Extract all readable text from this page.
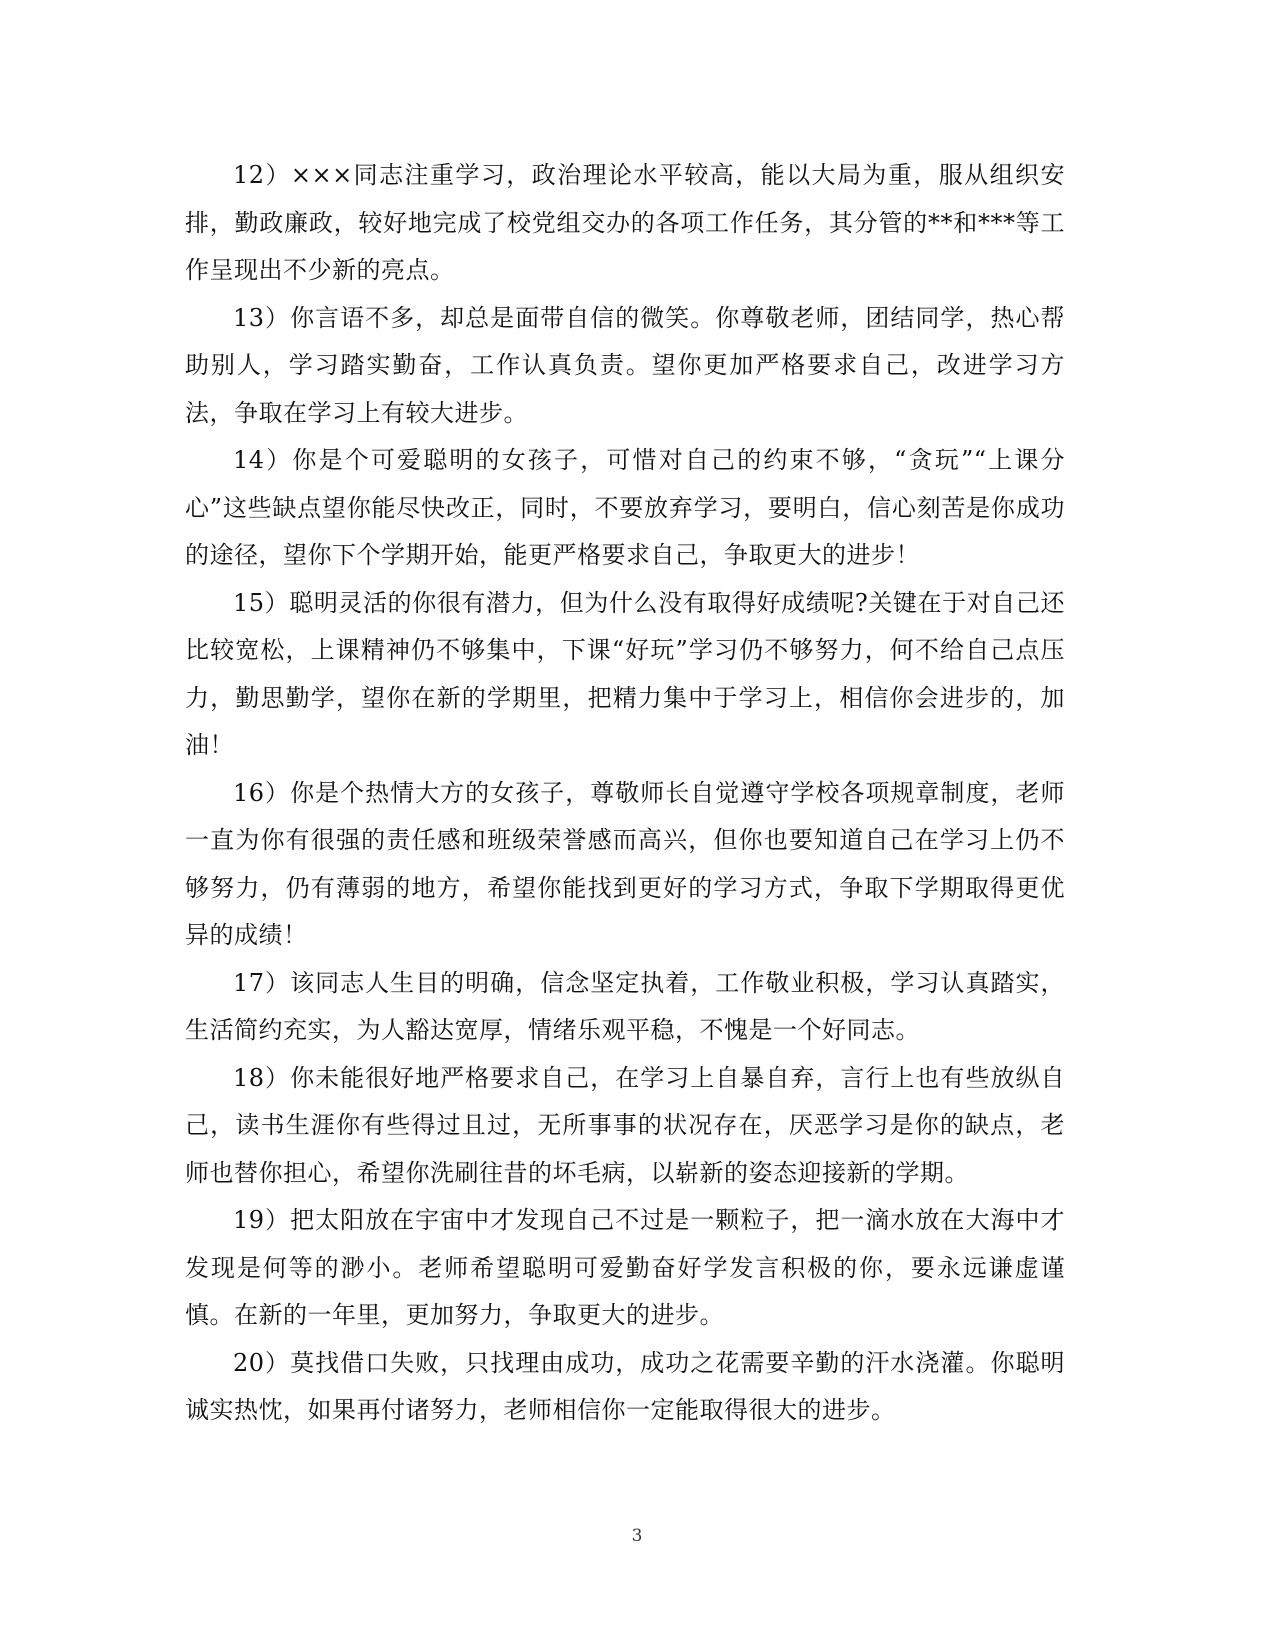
12）×××同志注重学习，政治理论水平较高，能以大局为重，服从组织安排，勤政廉政，较好地完成了校党组交办的各项工作任务，其分管的**和***等工作呈现出不少新的亮点。

13）你言语不多，却总是面带自信的微笑。你尊敬老师，团结同学，热心帮助别人，学习踏实勤奋，工作认真负责。望你更加严格要求自己，改进学习方法，争取在学习上有较大进步。

14）你是个可爱聪明的女孩子，可惜对自己的约束不够，“贪玩”“上课分心”这些缺点望你能尽快改正，同时，不要放弃学习，要明白，信心刻苦是你成功的途径，望你下个学期开始，能更严格要求自己，争取更大的进步！

15）聪明灵活的你很有潜力，但为什么没有取得好成绩呢?关键在于对自己还比较宽松，上课精神仍不够集中，下课“好玩”学习仍不够努力，何不给自己点压力，勤思勤学，望你在新的学期里，把精力集中于学习上，相信你会进步的，加油！

16）你是个热情大方的女孩子，尊敬师长自觉遵守学校各项规章制度，老师一直为你有很强的责任感和班级荣誉感而高兴，但你也要知道自己在学习上仍不够努力，仍有薄弱的地方，希望你能找到更好的学习方式，争取下学期取得更优异的成绩！

17）该同志人生目的明确，信念坚定执着，工作敬业积极，学习认真踏实，生活简约充实，为人豁达宽厚，情绪乐观平稳，不愧是一个好同志。

18）你未能很好地严格要求自己，在学习上自暴自弃，言行上也有些放纵自己，读书生涯你有些得过且过，无所事事的状况存在，厌恶学习是你的缺点，老师也替你担心，希望你洗刷往昔的坏毛病，以崭新的姿态迎接新的学期。

19）把太阳放在宇宙中才发现自己不过是一颗粒子，把一滴水放在大海中才发现是何等的渺小。老师希望聪明可爱勤奋好学发言积极的你，要永远谦虚谨慎。在新的一年里，更加努力，争取更大的进步。

20）莫找借口失败，只找理由成功，成功之花需要辛勤的汗水浇灌。你聪明诚实热忱，如果再付诸努力，老师相信你一定能取得很大的进步。

3
